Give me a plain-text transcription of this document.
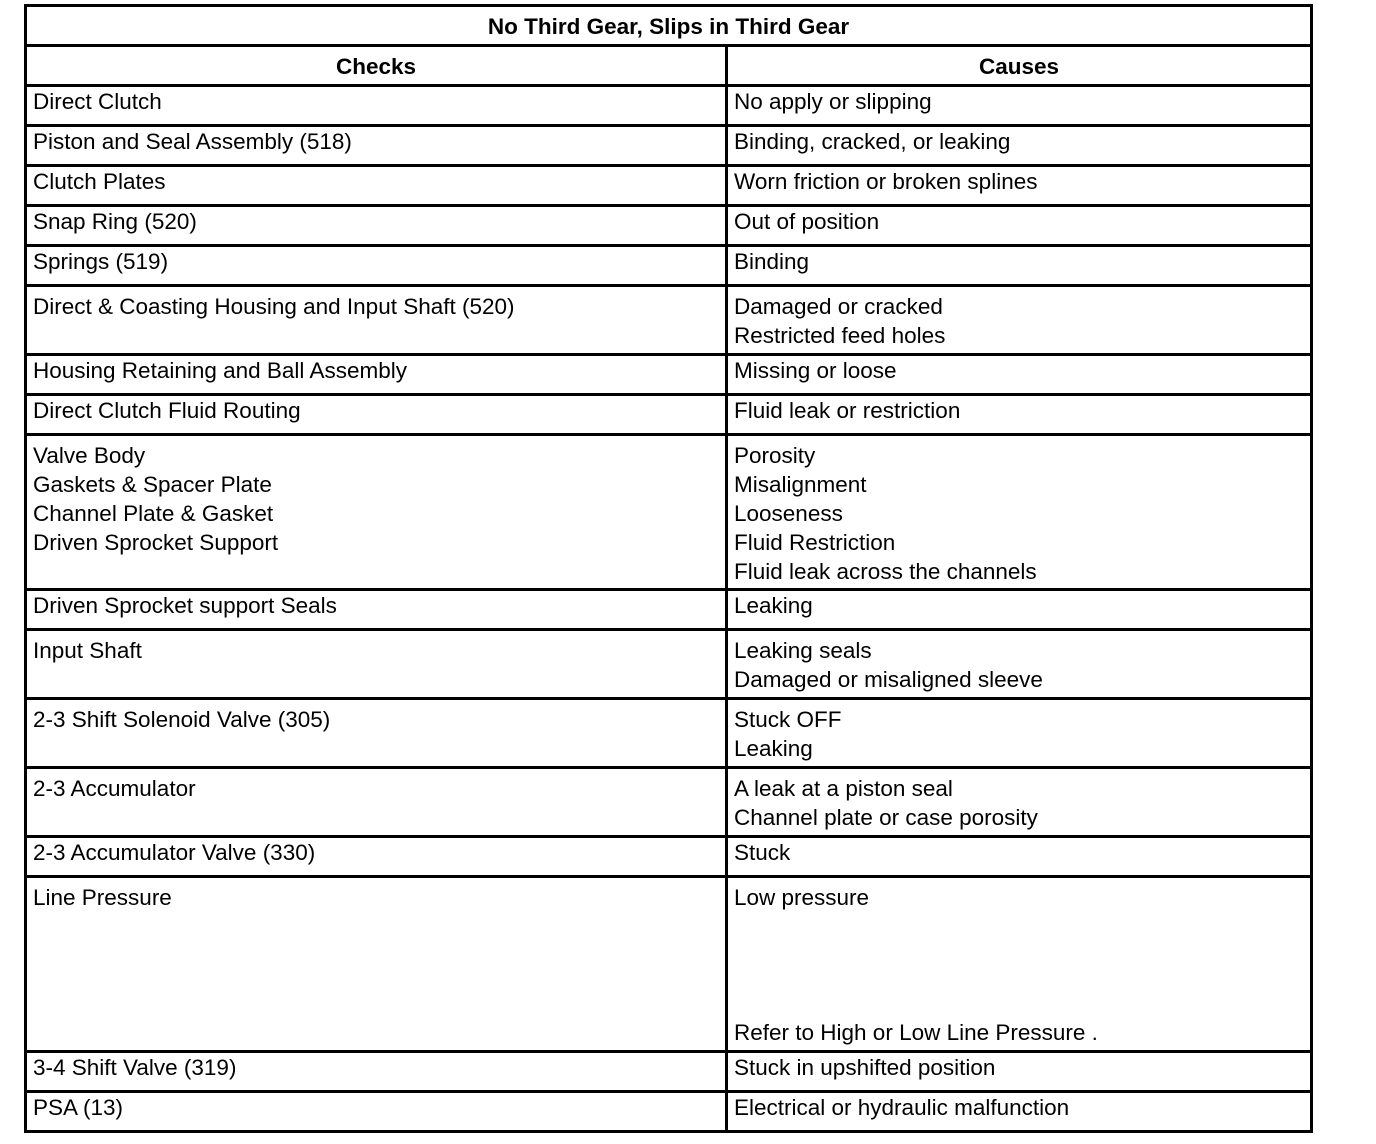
No Third Gear, Slips in Third Gear	
Checks	Causes

Direct Clutch	No apply or slipping

Piston and Seal Assembly (518)	Binding, cracked, or leaking

Clutch Plates	Worn friction or broken splines

Snap Ring (520)	Out of position

Springs (519)	Binding

Direct & Coasting Housing and Input Shaft (520)	Damaged or cracked
Restricted feed holes

Housing Retaining and Ball Assembly	Missing or loose

Direct Clutch Fluid Routing	Fluid leak or restriction

Valve Body
Gaskets & Spacer Plate
Channel Plate & Gasket
Driven Sprocket Support	Porosity
Misalignment
Looseness
Fluid Restriction
Fluid leak across the channels

Driven Sprocket support Seals	Leaking

Input Shaft	Leaking seals
Damaged or misaligned sleeve

2-3 Shift Solenoid Valve (305)	Stuck OFF
Leaking

2-3 Accumulator	A leak at a piston seal
Channel plate or case porosity

2-3 Accumulator Valve (330)	Stuck

Line Pressure	Low pressure
Refer to High or Low Line Pressure .

3-4 Shift Valve (319)	Stuck in upshifted position

PSA (13)	Electrical or hydraulic malfunction
